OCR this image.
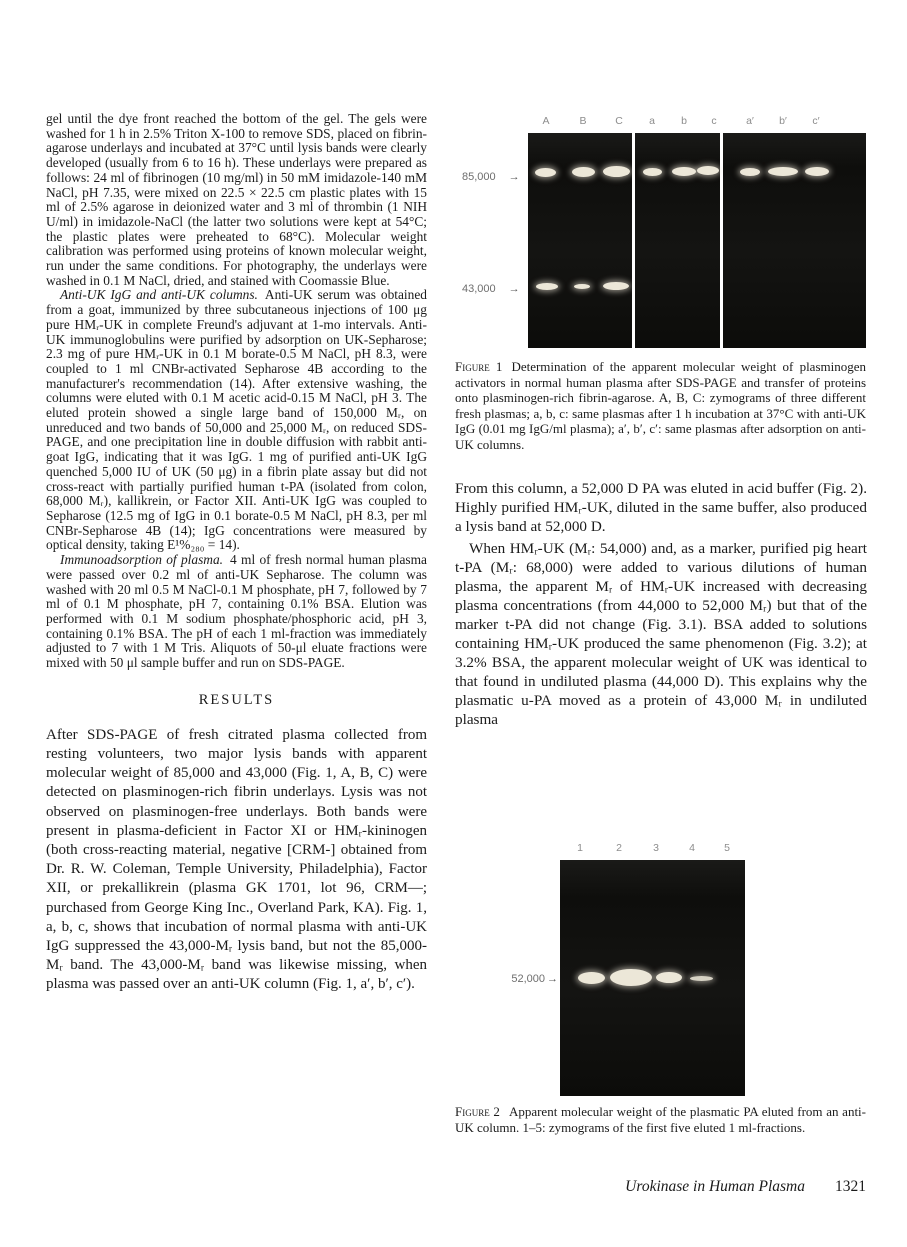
gel until the dye front reached the bottom of the gel. The gels were washed for 1 h in 2.5% Triton X-100 to remove SDS, placed on fibrin-agarose underlays and incubated at 37°C until lysis bands were clearly developed (usually from 6 to 16 h). These underlays were prepared as follows: 24 ml of fibrinogen (10 mg/ml) in 50 mM imidazole-140 mM NaCl, pH 7.35, were mixed on 22.5 × 22.5 cm plastic plates with 15 ml of 2.5% agarose in deionized water and 3 ml of thrombin (1 NIH U/ml) in imidazole-NaCl (the latter two solutions were kept at 54°C; the plastic plates were preheated to 68°C). Molecular weight calibration was performed using proteins of known molecular weight, run under the same conditions. For photography, the underlays were washed in 0.1 M NaCl, dried, and stained with Coomassie Blue.

Anti-UK IgG and anti-UK columns. Anti-UK serum was obtained from a goat, immunized by three subcutaneous injections of 100 μg pure HMᵣ-UK in complete Freund's adjuvant at 1-mo intervals. Anti-UK immunoglobulins were purified by adsorption on UK-Sepharose; 2.3 mg of pure HMᵣ-UK in 0.1 M borate-0.5 M NaCl, pH 8.3, were coupled to 1 ml CNBr-activated Sepharose 4B according to the manufacturer's recommendation (14). After extensive washing, the columns were eluted with 0.1 M acetic acid-0.15 M NaCl, pH 3. The eluted protein showed a single large band of 150,000 Mᵣ, on unreduced and two bands of 50,000 and 25,000 Mᵣ, on reduced SDS-PAGE, and one precipitation line in double diffusion with rabbit anti-goat IgG, indicating that it was IgG. 1 mg of purified anti-UK IgG quenched 5,000 IU of UK (50 μg) in a fibrin plate assay but did not cross-react with partially purified human t-PA (isolated from colon, 68,000 Mᵣ), kallikrein, or Factor XII. Anti-UK IgG was coupled to Sepharose (12.5 mg of IgG in 0.1 borate-0.5 M NaCl, pH 8.3, per ml CNBr-Sepharose 4B (14); IgG concentrations were measured by optical density, taking E¹%₂₈₀ = 14).

Immunoadsorption of plasma. 4 ml of fresh normal human plasma were passed over 0.2 ml of anti-UK Sepharose. The column was washed with 20 ml 0.5 M NaCl-0.1 M phosphate, pH 7, followed by 7 ml of 0.1 M phosphate, pH 7, containing 0.1% BSA. Elution was performed with 0.1 M sodium phosphate/phosphoric acid, pH 3, containing 0.1% BSA. The pH of each 1 ml-fraction was immediately adjusted to 7 with 1 M Tris. Aliquots of 50-μl eluate fractions were mixed with 50 μl sample buffer and run on SDS-PAGE.

RESULTS

After SDS-PAGE of fresh citrated plasma collected from resting volunteers, two major lysis bands with apparent molecular weight of 85,000 and 43,000 (Fig. 1, A, B, C) were detected on plasminogen-rich fibrin underlays. Lysis was not observed on plasminogen-free underlays. Both bands were present in plasma-deficient in Factor XI or HMᵣ-kininogen (both cross-reacting material, negative [CRM-] obtained from Dr. R. W. Coleman, Temple University, Philadelphia), Factor XII, or prekallikrein (plasma GK 1701, lot 96, CRM—; purchased from George King Inc., Overland Park, KA). Fig. 1, a, b, c, shows that incubation of normal plasma with anti-UK IgG suppressed the 43,000-Mᵣ lysis band, but not the 85,000-Mᵣ band. The 43,000-Mᵣ band was likewise missing, when plasma was passed over an anti-UK column (Fig. 1, a′, b′, c′).

A	B	C	a	b	c	a′	b′	c′
85,000 →
43,000 →

Figure 1 Determination of the apparent molecular weight of plasminogen activators in normal human plasma after SDS-PAGE and transfer of proteins onto plasminogen-rich fibrin-agarose. A, B, C: zymograms of three different fresh plasmas; a, b, c: same plasmas after 1 h incubation at 37°C with anti-UK IgG (0.01 mg IgG/ml plasma); a′, b′, c′: same plasmas after adsorption on anti-UK columns.

From this column, a 52,000 D PA was eluted in acid buffer (Fig. 2). Highly purified HMᵣ-UK, diluted in the same buffer, also produced a lysis band at 52,000 D.

When HMᵣ-UK (Mᵣ: 54,000) and, as a marker, purified pig heart t-PA (Mᵣ: 68,000) were added to various dilutions of human plasma, the apparent Mᵣ of HMᵣ-UK increased with decreasing plasma concentrations (from 44,000 to 52,000 Mᵣ) but that of the marker t-PA did not change (Fig. 3.1). BSA added to solutions containing HMᵣ-UK produced the same phenomenon (Fig. 3.2); at 3.2% BSA, the apparent molecular weight of UK was identical to that found in undiluted plasma (44,000 D). This explains why the plasmatic u-PA moved as a protein of 43,000 Mᵣ in undiluted plasma

1	2	3	4	5
52,000 →

Figure 2 Apparent molecular weight of the plasmatic PA eluted from an anti-UK column. 1–5: zymograms of the first five eluted 1 ml-fractions.

Urokinase in Human Plasma 1321
